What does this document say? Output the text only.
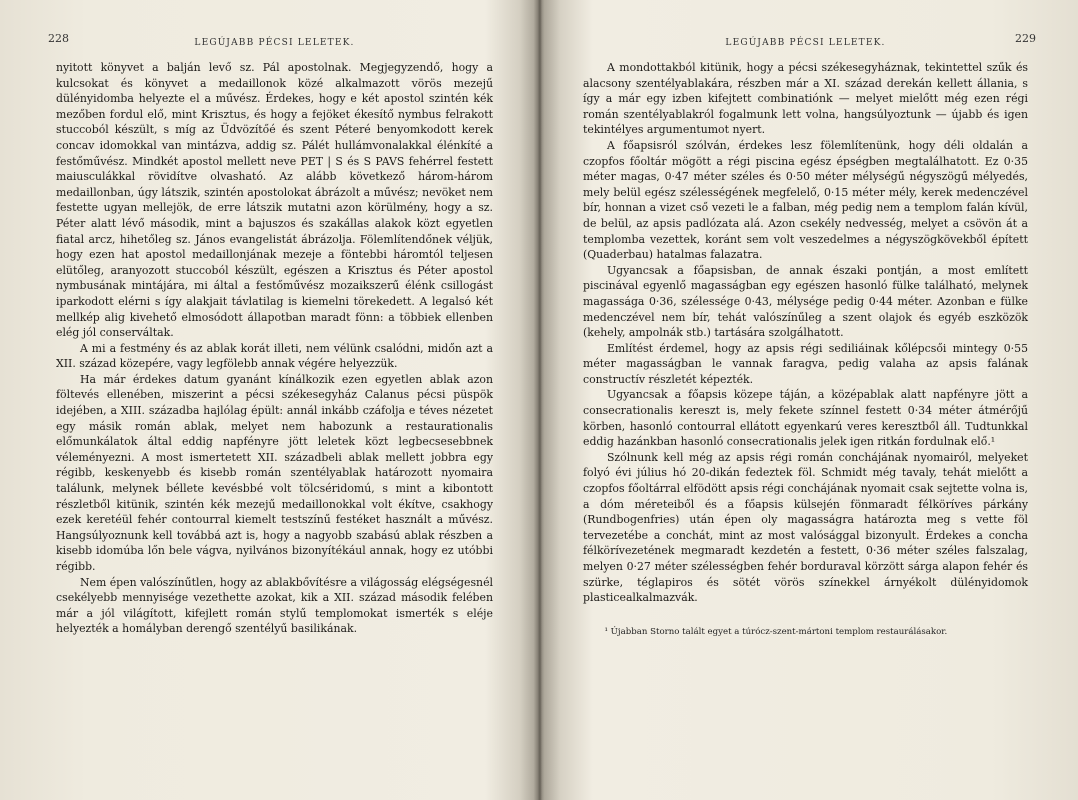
228	LEGÚJABB PÉCSI LELETEK.

nyitott könyvet a balján levő sz. Pál apostolnak. Megjegyzendő, hogy a kulcsokat és könyvet a medaillonok közé alkalmazott vörös mezejű dülényidomba helyezte el a művész. Érdekes, hogy e két apostol szintén kék mezőben fordul elő, mint Krisztus, és hogy a fejöket ékesítő nymbus felrakott stuccoból készült, s míg az Üdvözítőé és szent Péteré benyomkodott kerek concav idomokkal van mintázva, addig sz. Pálét hullámvonalakkal élénkíté a festőművész. Mindkét apostol mellett neve PET | S és S PAVS fehérrel festett maiusculákkal rövidítve olvasható. Az alább következő három-három medaillonban, úgy látszik, szintén apostolokat ábrázolt a művész; nevöket nem festette ugyan mellejök, de erre látszik mutatni azon körülmény, hogy a sz. Péter alatt lévő második, mint a bajuszos és szakállas alakok közt egyetlen fiatal arcz, hihetőleg sz. János evangelistát ábrázolja. Fölemlítendőnek véljük, hogy ezen hat apostol medaillonjának mezeje a föntebbi háromtól teljesen elütőleg, aranyozott stuccoból készült, egészen a Krisztus és Péter apostol nymbusának mintájára, mi által a festőművész mozaikszerű élénk csillogást iparkodott elérni s így alakjait távlatilag is kiemelni törekedett. A legalsó két mellkép alig kivehető elmosódott állapotban maradt fönn: a többiek ellenben elég jól conserváltak.

A mi a festmény és az ablak korát illeti, nem vélünk csalódni, midőn azt a XII. század közepére, vagy legfölebb annak végére helyezzük.

Ha már érdekes datum gyanánt kínálkozik ezen egyetlen ablak azon föltevés ellenében, miszerint a pécsi székesegyház Calanus pécsi püspök idejében, a XIII. századba hajlólag épült: annál inkább czáfolja e téves nézetet egy másik román ablak, melyet nem habozunk a restaurationalis előmunkálatok által eddig napfényre jött leletek közt legbecsesebbnek véleményezni. A most ismertetett XII. századbeli ablak mellett jobbra egy régibb, keskenyebb és kisebb román szentélyablak határozott nyomaira találunk, melynek béllete kevésbbé volt tölcséridomú, s mint a kibontott részletből kitünik, szintén kék mezejű medaillonokkal volt ékítve, csakhogy ezek keretéül fehér contourral kiemelt testszínű festéket használt a művész. Hangsúlyoznunk kell továbbá azt is, hogy a nagyobb szabású ablak részben a kisebb idomúba lőn bele vágva, nyilvános bizonyítékául annak, hogy ez utóbbi régibb.

Nem épen valószínűtlen, hogy az ablakbővítésre a világosság elégségesnél csekélyebb mennyisége vezethette azokat, kik a XII. század második felében már a jól világított, kifejlett román stylű templomokat ismerték s eléje helyezték a homályban derengő szentélyű basilikának.

LEGÚJABB PÉCSI LELETEK.	229

A mondottakból kitünik, hogy a pécsi székesegyháznak, tekintettel szűk és alacsony szentélyablakára, részben már a XI. század derekán kellett állania, s így a már egy izben kifejtett combinatiónk — melyet mielőtt még ezen régi román szentélyablakról fogalmunk lett volna, hangsúlyoztunk — újabb és igen tekintélyes argumentumot nyert.

A főapsisról szólván, érdekes lesz fölemlítenünk, hogy déli oldalán a czopfos főoltár mögött a régi piscina egész épségben megtalálhatott. Ez 0·35 méter magas, 0·47 méter széles és 0·50 méter mélységű négyszögű mélyedés, mely belül egész szélességének megfelelő, 0·15 méter mély, kerek medenczével bír, honnan a vizet cső vezeti le a falban, még pedig nem a templom falán kívül, de belül, az apsis padlózata alá. Azon csekély nedvesség, melyet a csövön át a templomba vezettek, koránt sem volt veszedelmes a négyszögkövekből épített (Quaderbau) hatalmas falazatra.

Ugyancsak a főapsisban, de annak északi pontján, a most említett piscinával egyenlő magasságban egy egészen hasonló fülke található, melynek magassága 0·36, szélessége 0·43, mélysége pedig 0·44 méter. Azonban e fülke medenczével nem bír, tehát valószínűleg a szent olajok és egyéb eszközök (kehely, ampolnák stb.) tartására szolgálhatott.

Említést érdemel, hogy az apsis régi sediliáinak kőlépcsői mintegy 0·55 méter magasságban le vannak faragva, pedig valaha az apsis falának constructív részletét képezték.

Ugyancsak a főapsis közepe táján, a középablak alatt napfényre jött a consecrationalis kereszt is, mely fekete színnel festett 0·34 méter átmérőjű körben, hasonló contourral ellátott egyenkarú veres keresztből áll. Tudtunkkal eddig hazánkban hasonló consecrationalis jelek igen ritkán fordulnak elő.¹

Szólnunk kell még az apsis régi román conchájának nyomairól, melyeket folyó évi július hó 20-dikán fedeztek föl. Schmidt még tavaly, tehát mielőtt a czopfos főoltárral elfödött apsis régi conchájának nyomait csak sejtette volna is, a dóm méreteiből és a főapsis külsején fönmaradt félköríves párkány (Rundbogenfries) után épen oly magasságra határozta meg s vette föl tervezetébe a conchát, mint az most valósággal bizonyult. Érdekes a concha félkörívezetének megmaradt kezdetén a festett, 0·36 méter széles falszalag, melyen 0·27 méter szélességben fehér borduraval körzött sárga alapon fehér és szürke, téglapiros és sötét vörös színekkel árnyékolt dülényidomok plasticealkalmazvák.

¹ Újabban Storno talált egyet a túrócz-szent-mártoni templom restaurálásakor.
